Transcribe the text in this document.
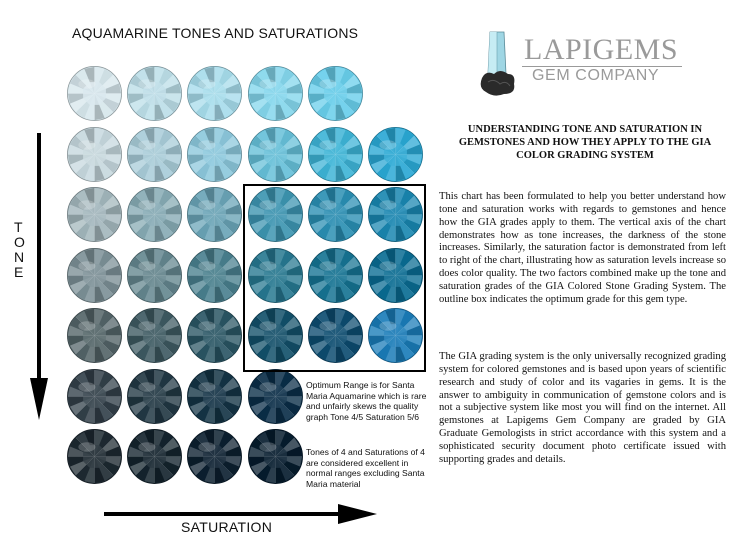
AQUAMARINE TONES AND SATURATIONS
T
O
N
E
Optimum Range is for Santa Maria Aquamarine which is rare and unfairly skews the quality graph Tone 4/5 Saturation 5/6
Tones of 4 and Saturations of 4 are considered excellent in normal ranges excluding Santa Maria material
SATURATION
LAPIGEMS
GEM COMPANY
UNDERSTANDING TONE AND SATURATION IN GEMSTONES AND HOW THEY APPLY TO THE GIA COLOR GRADING SYSTEM

This chart has been formulated to help you better understand how tone and saturation works with regards to gemstones and hence how the GIA grades apply to them. The vertical axis of the chart demonstrates how as tone increases, the darkness of the stone increases. Similarly, the saturation factor is demonstrated from left to right of the chart, illustrating how as saturation levels increase so does color quality. The two factors combined make up the tone and saturation grades of the GIA Colored Stone Grading System. The outline box indicates the optimum grade for this gem type.

The GIA grading system is the only universally recognized grading system for colored gemstones and is based upon years of scientific research and study of color and its vagaries in gems. It is the answer to ambiguity in communication of gemstone colors and is not a subjective system like most you will find on the internet. All gemstones at Lapigems Gem Company are graded by GIA Graduate Gemologists in strict accordance with this system and a sophisticated security document photo certificate issued with supporting grades and details.
